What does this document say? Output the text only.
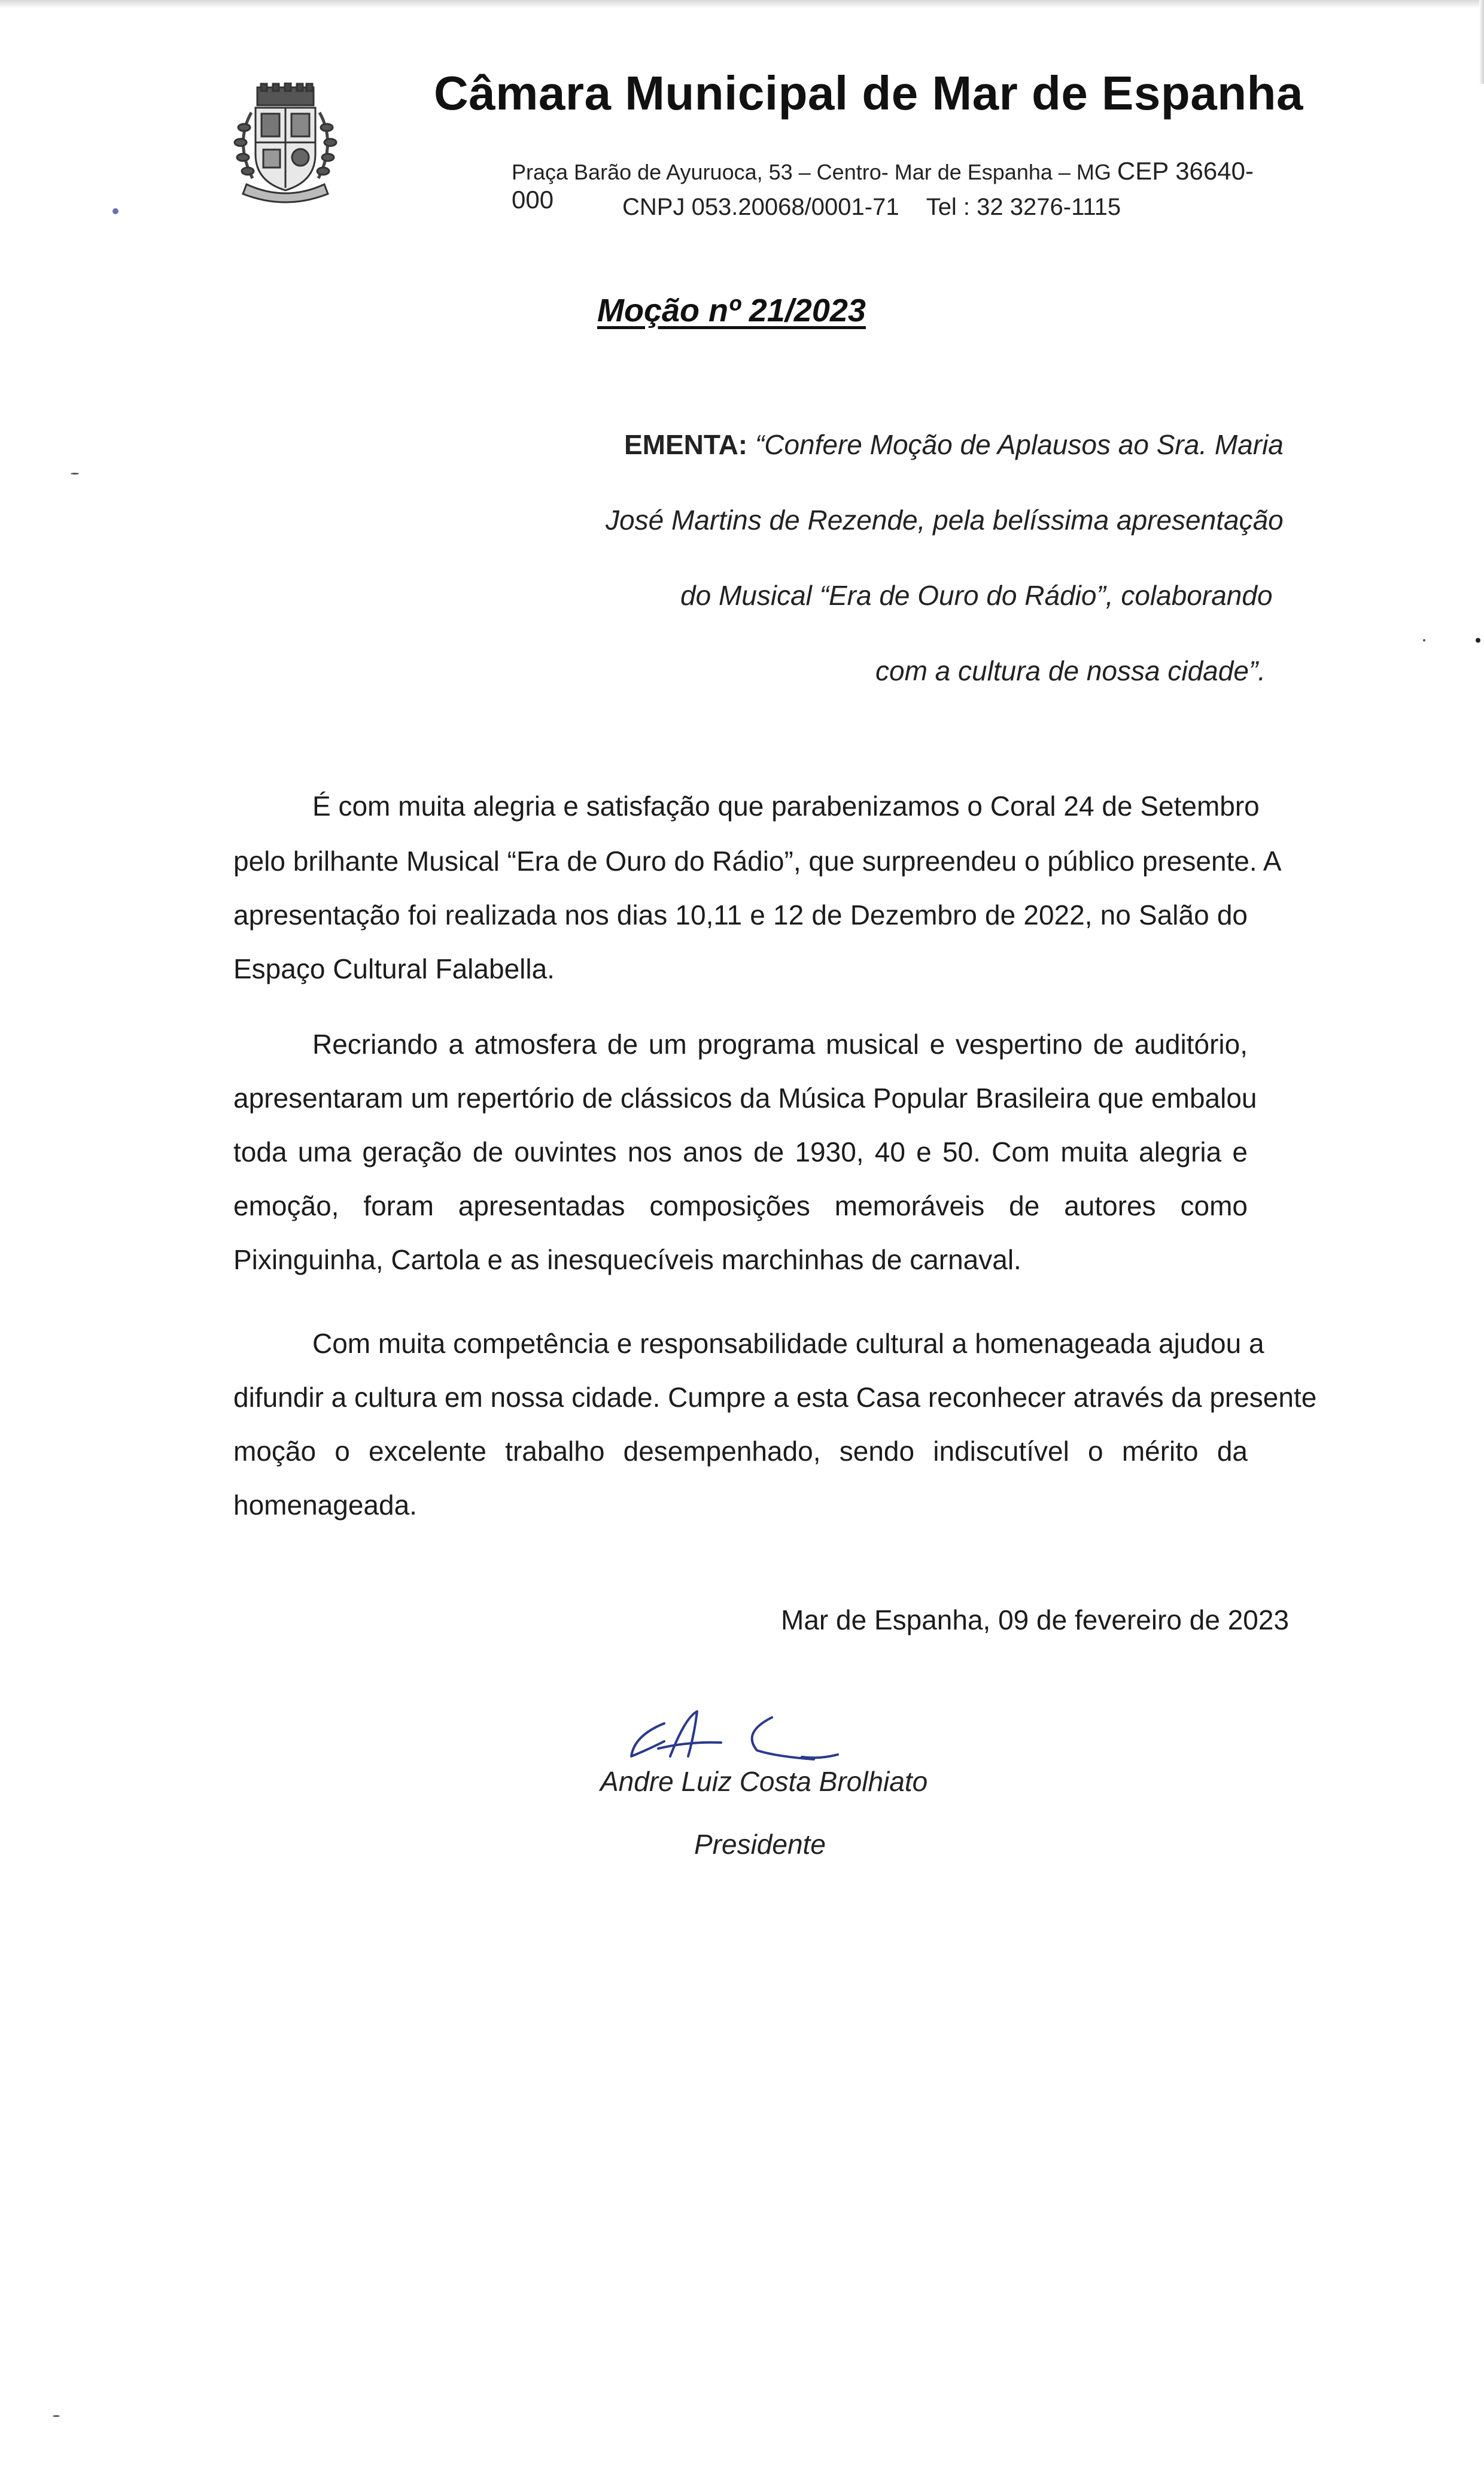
Câmara Municipal de Mar de Espanha
Praça Barão de Ayuruoca, 53 – Centro- Mar de Espanha – MG CEP 36640-000	CNPJ 053.20068/0001-71 Tel : 32 3276-1115
Moção nº 21/2023
EMENTA: “Confere Moção de Aplausos ao Sra. Maria
José Martins de Rezende, pela belíssima apresentação
do Musical “Era de Ouro do Rádio”, colaborando
com a cultura de nossa cidade”.
É com muita alegria e satisfação que parabenizamos o Coral 24 de Setembro
pelo brilhante Musical “Era de Ouro do Rádio”, que surpreendeu o público presente. A
apresentação foi realizada nos dias 10,11 e 12 de Dezembro de 2022, no Salão do
Espaço Cultural Falabella.
Recriando a atmosfera de um programa musical e vespertino de auditório,
apresentaram um repertório de clássicos da Música Popular Brasileira que embalou
toda uma geração de ouvintes nos anos de 1930, 40 e 50. Com muita alegria e
emoção, foram apresentadas composições memoráveis de autores como
Pixinguinha, Cartola e as inesquecíveis marchinhas de carnaval.
Com muita competência e responsabilidade cultural a homenageada ajudou a
difundir a cultura em nossa cidade. Cumpre a esta Casa reconhecer através da presente
moção o excelente trabalho desempenhado, sendo indiscutível o mérito da
homenageada.
Mar de Espanha, 09 de fevereiro de 2023
Andre Luiz Costa Brolhiato
Presidente
